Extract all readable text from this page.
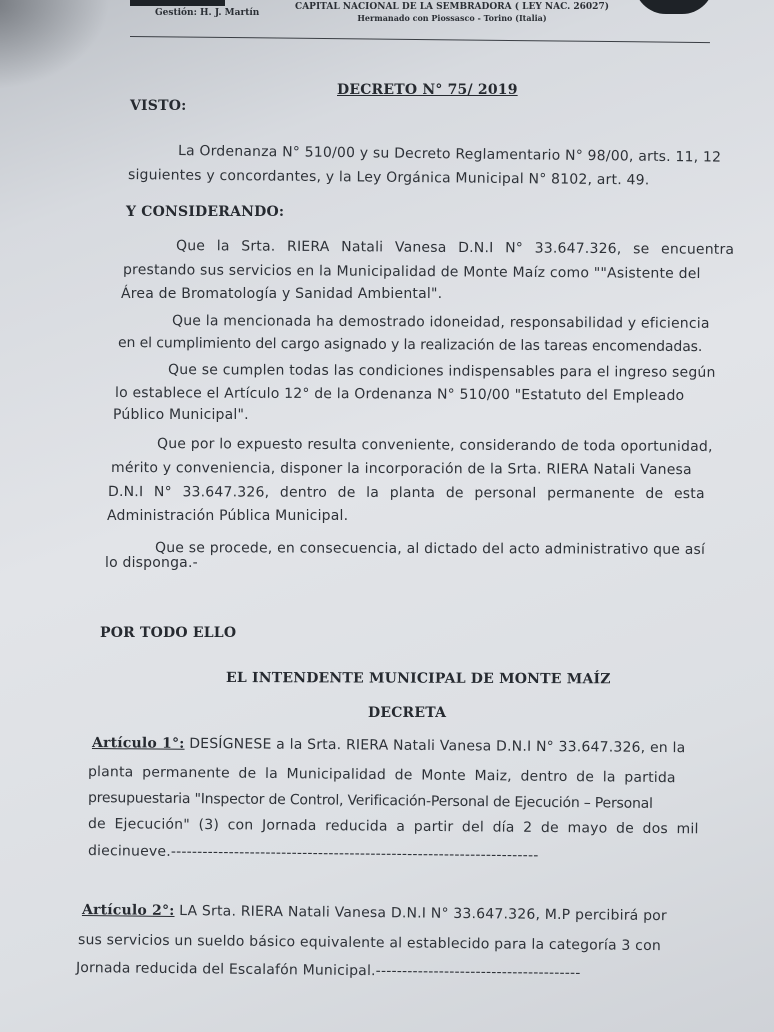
Gestión: H. J. Martín
CAPITAL NACIONAL DE LA SEMBRADORA ( LEY NAC. 26027)
Hermanado con Piossasco - Torino (Italia)
DECRETO N° 75/ 2019
VISTO:
La Ordenanza N° 510/00 y su Decreto Reglamentario N° 98/00, arts. 11, 12
siguientes y concordantes, y la Ley Orgánica Municipal N° 8102, art. 49.
Y CONSIDERANDO:
Que la Srta. RIERA Natali Vanesa D.N.I N° 33.647.326, se encuentra
prestando sus servicios en la Municipalidad de Monte Maíz como ""Asistente del
Área de Bromatología y Sanidad Ambiental".
Que la mencionada ha demostrado idoneidad, responsabilidad y eficiencia
en el cumplimiento del cargo asignado y la realización de las tareas encomendadas.
Que se cumplen todas las condiciones indispensables para el ingreso según
lo establece el Artículo 12° de la Ordenanza N° 510/00 "Estatuto del Empleado
Público Municipal".
Que por lo expuesto resulta conveniente, considerando de toda oportunidad,
mérito y conveniencia, disponer la incorporación de la Srta. RIERA Natali Vanesa
D.N.I N° 33.647.326, dentro de la planta de personal permanente de esta
Administración Pública Municipal.
Que se procede, en consecuencia, al dictado del acto administrativo que así
lo disponga.-
POR TODO ELLO
EL INTENDENTE MUNICIPAL DE MONTE MAÍZ
DECRETA
Artículo 1°: DESÍGNESE a la Srta. RIERA Natali Vanesa D.N.I N° 33.647.326, en la
planta permanente de la Municipalidad de Monte Maiz, dentro de la partida
presupuestaria "Inspector de Control, Verificación-Personal de Ejecución – Personal
de Ejecución" (3) con Jornada reducida a partir del día 2 de mayo de dos mil
diecinueve.----------------------------------------------------------------------
Artículo 2°: LA Srta. RIERA Natali Vanesa D.N.I N° 33.647.326, M.P percibirá por
sus servicios un sueldo básico equivalente al establecido para la categoría 3 con
Jornada reducida del Escalafón Municipal.---------------------------------------
